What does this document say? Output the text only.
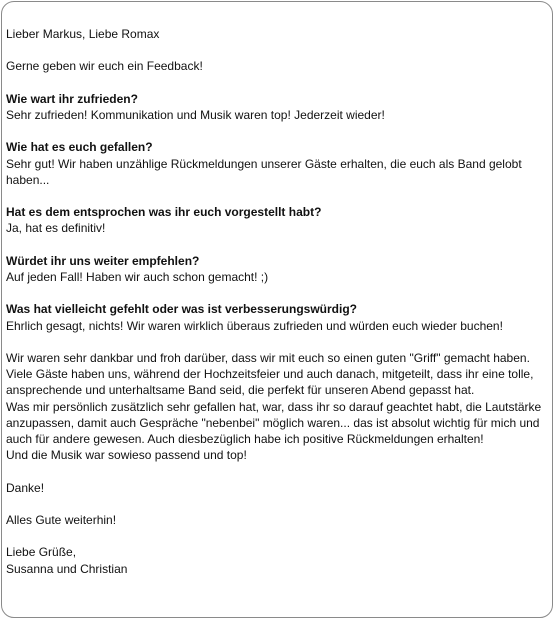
Lieber Markus, Liebe Romax

Gerne geben wir euch ein Feedback!

Wie wart ihr zufrieden?
Sehr zufrieden! Kommunikation und Musik waren top! Jederzeit wieder!
Wie hat es euch gefallen?
Sehr gut! Wir haben unzählige Rückmeldungen unserer Gäste erhalten, die euch als Band gelobt haben...
Hat es dem entsprochen was ihr euch vorgestellt habt?
Ja, hat es definitiv!
Würdet ihr uns weiter empfehlen?
Auf jeden Fall! Haben wir auch schon gemacht! ;)
Was hat vielleicht gefehlt oder was ist verbesserungswürdig?
Ehrlich gesagt, nichts! Wir waren wirklich überaus zufrieden und würden euch wieder buchen!
Wir waren sehr dankbar und froh darüber, dass wir mit euch so einen guten "Griff" gemacht haben. Viele Gäste haben uns, während der Hochzeitsfeier und auch danach, mitgeteilt, dass ihr eine tolle, ansprechende und unterhaltsame Band seid, die perfekt für unseren Abend gepasst hat.
Was mir persönlich zusätzlich sehr gefallen hat, war, dass ihr so darauf geachtet habt, die Lautstärke anzupassen, damit auch Gespräche "nebenbei" möglich waren... das ist absolut wichtig für mich und auch für andere gewesen. Auch diesbezüglich habe ich positive Rückmeldungen erhalten!
Und die Musik war sowieso passend und top!

Danke!

Alles Gute weiterhin!

Liebe Grüße,
Susanna und Christian
